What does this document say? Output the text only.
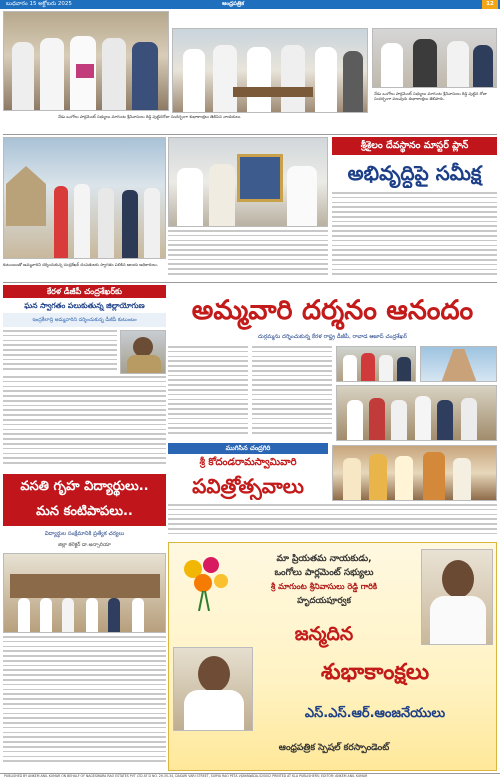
బుధవారం 15 అక్టోబరు 2025	ఆంధ్రపత్రిక	12
నేడు ఒంగోలు పార్లమెంట్ సభ్యులు మాగుంట శ్రీనివాసులు రెడ్డి పుట్టిన రోజు సందర్భంగా పలువురు శుభాకాంక్షలు తెలిపారు.
నేడు ఒంగోలు పార్లమెంట్ సభ్యులు మాగుంట శ్రీనివాసులు రెడ్డి పుట్టినరోజు సందర్భంగా శుభాకాంక్షలు తెలిపిన నాయకులు.
కుటుంబంతో అమ్మవారిని దర్శించుకున్న చంద్రశేఖర్ దంపతులకు స్వాగతం పలికిన ఆలయ అధికారులు.
శ్రీశైలం దేవస్థానం మాస్టర్ ప్లాన్
అభివృద్ధిపై సమీక్ష
కేరళ డీజీపీ చంద్రశేఖర్‌కు
ఘన స్వాగతం పలుకుతున్న జిల్లాయోగుణ
ఇంద్రకీలాద్రి అమ్మవారిని దర్శించుకున్న డీజీపీ కుటుంబం	అమ్మవారి దర్శనం ఆనందం
దుర్గమ్మను దర్శించుకున్న కేరళ రాష్ట్ర డీజీపీ, రావాడ ఆజాద్ చంద్రశేఖర్
ముగిసిన చంద్రగిరి
శ్రీ కోదండరామస్వామివారి
పవిత్రోత్సవాలు
వసతి గృహ విద్యార్థులు..
మన కంటిపాపలు..
విద్యార్థుల సంక్షేమానికి ప్రత్యేక చర్యలు
జిల్లా కలెక్టర్ డా.అన్సారియా
మా ప్రియతమ నాయకుడు,
ఒంగోలు పార్లమెంట్ సభ్యులు
శ్రీ మాగుంట శ్రీనివాసులు రెడ్డి గారికి
హృదయపూర్వక
జన్మదిన
శుభాకాంక్షలు
ఎస్.ఎస్.ఆర్.ఆంజనేయులు
ఆంధ్రపత్రిక స్పెషల్ కరస్పాండెంట్
PUBLISHED BY ANKEM ANIL KUMAR ON BEHALF OF NAGESWARA RAO ESTATES PVT LTD AT D NO. 29-35-34, DASARI VARI STREET, SURYA RAO PETA VIJAYAWADA-520002 PRINTED AT KLA PUBLISHERS; EDITOR: ANKEM ANIL KUMAR
